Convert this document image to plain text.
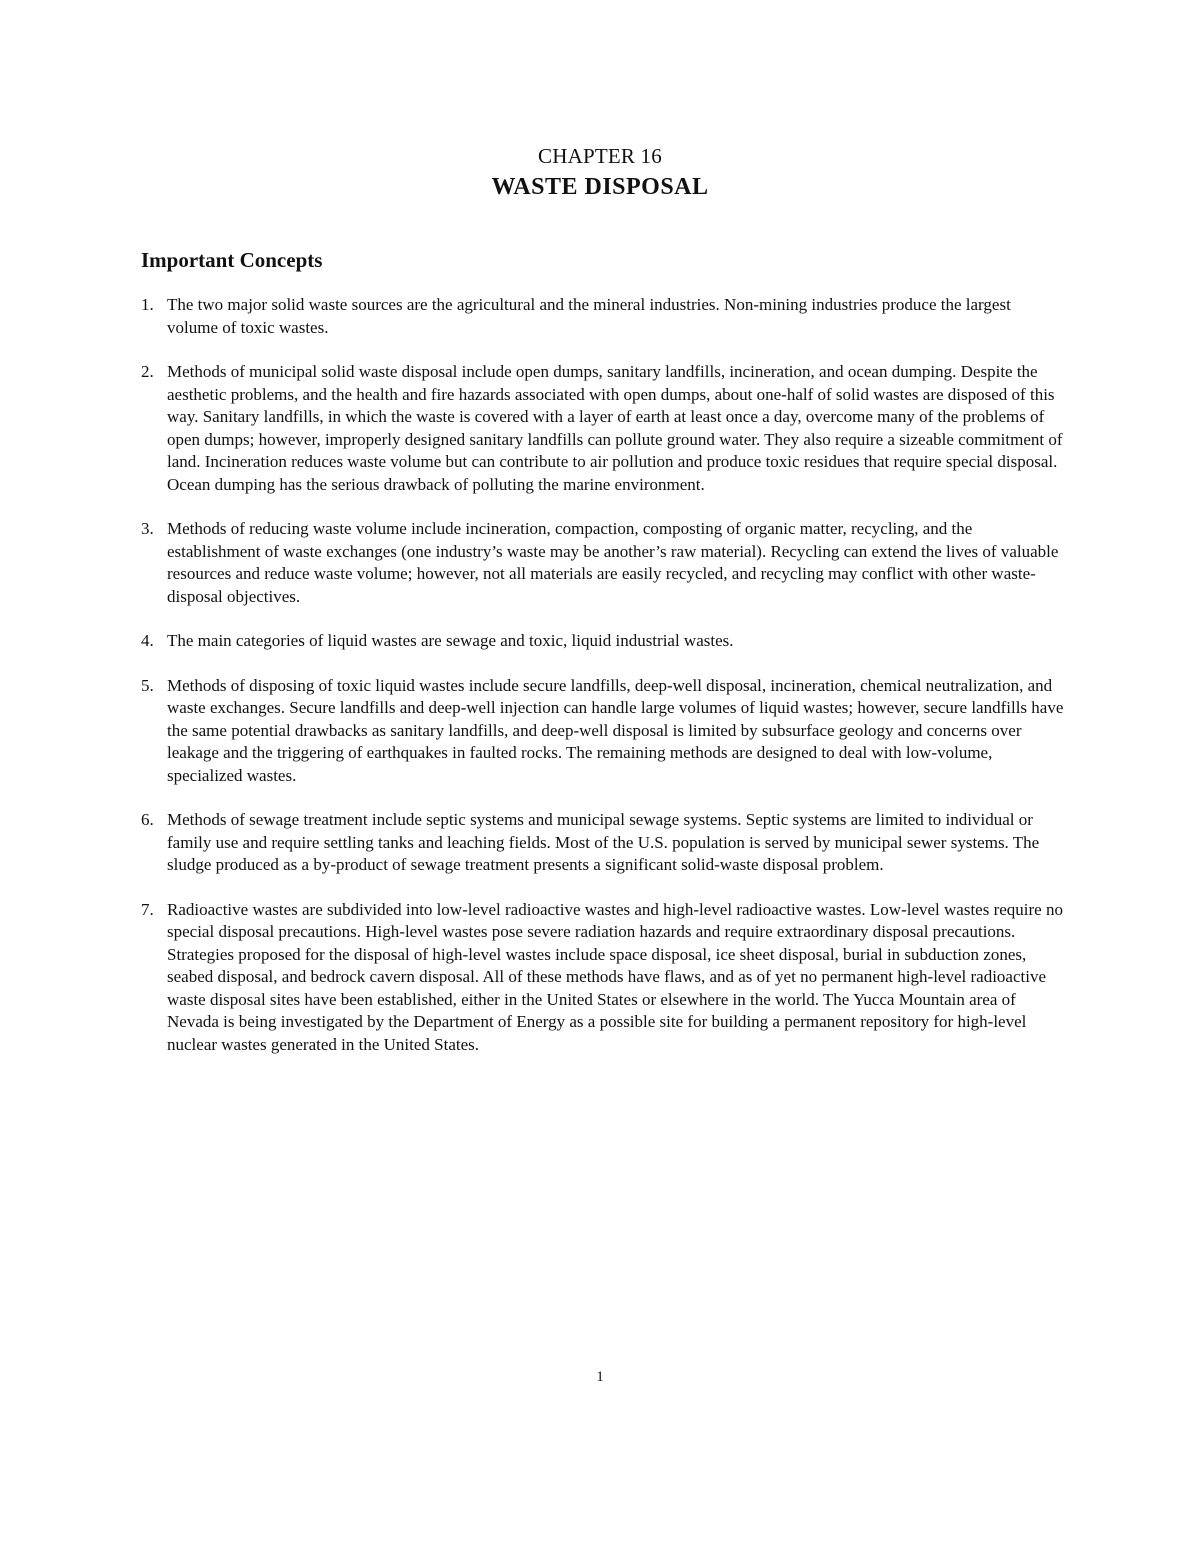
CHAPTER 16
WASTE DISPOSAL
Important Concepts
1. The two major solid waste sources are the agricultural and the mineral industries. Non-mining industries produce the largest volume of toxic wastes.
2. Methods of municipal solid waste disposal include open dumps, sanitary landfills, incineration, and ocean dumping. Despite the aesthetic problems, and the health and fire hazards associated with open dumps, about one-half of solid wastes are disposed of this way. Sanitary landfills, in which the waste is covered with a layer of earth at least once a day, overcome many of the problems of open dumps; however, improperly designed sanitary landfills can pollute ground water. They also require a sizeable commitment of land. Incineration reduces waste volume but can contribute to air pollution and produce toxic residues that require special disposal. Ocean dumping has the serious drawback of polluting the marine environment.
3. Methods of reducing waste volume include incineration, compaction, composting of organic matter, recycling, and the establishment of waste exchanges (one industry’s waste may be another’s raw material). Recycling can extend the lives of valuable resources and reduce waste volume; however, not all materials are easily recycled, and recycling may conflict with other waste-disposal objectives.
4. The main categories of liquid wastes are sewage and toxic, liquid industrial wastes.
5. Methods of disposing of toxic liquid wastes include secure landfills, deep-well disposal, incineration, chemical neutralization, and waste exchanges. Secure landfills and deep-well injection can handle large volumes of liquid wastes; however, secure landfills have the same potential drawbacks as sanitary landfills, and deep-well disposal is limited by subsurface geology and concerns over leakage and the triggering of earthquakes in faulted rocks. The remaining methods are designed to deal with low-volume, specialized wastes.
6. Methods of sewage treatment include septic systems and municipal sewage systems. Septic systems are limited to individual or family use and require settling tanks and leaching fields. Most of the U.S. population is served by municipal sewer systems. The sludge produced as a by-product of sewage treatment presents a significant solid-waste disposal problem.
7. Radioactive wastes are subdivided into low-level radioactive wastes and high-level radioactive wastes. Low-level wastes require no special disposal precautions. High-level wastes pose severe radiation hazards and require extraordinary disposal precautions. Strategies proposed for the disposal of high-level wastes include space disposal, ice sheet disposal, burial in subduction zones, seabed disposal, and bedrock cavern disposal. All of these methods have flaws, and as of yet no permanent high-level radioactive waste disposal sites have been established, either in the United States or elsewhere in the world. The Yucca Mountain area of Nevada is being investigated by the Department of Energy as a possible site for building a permanent repository for high-level nuclear wastes generated in the United States.
1
